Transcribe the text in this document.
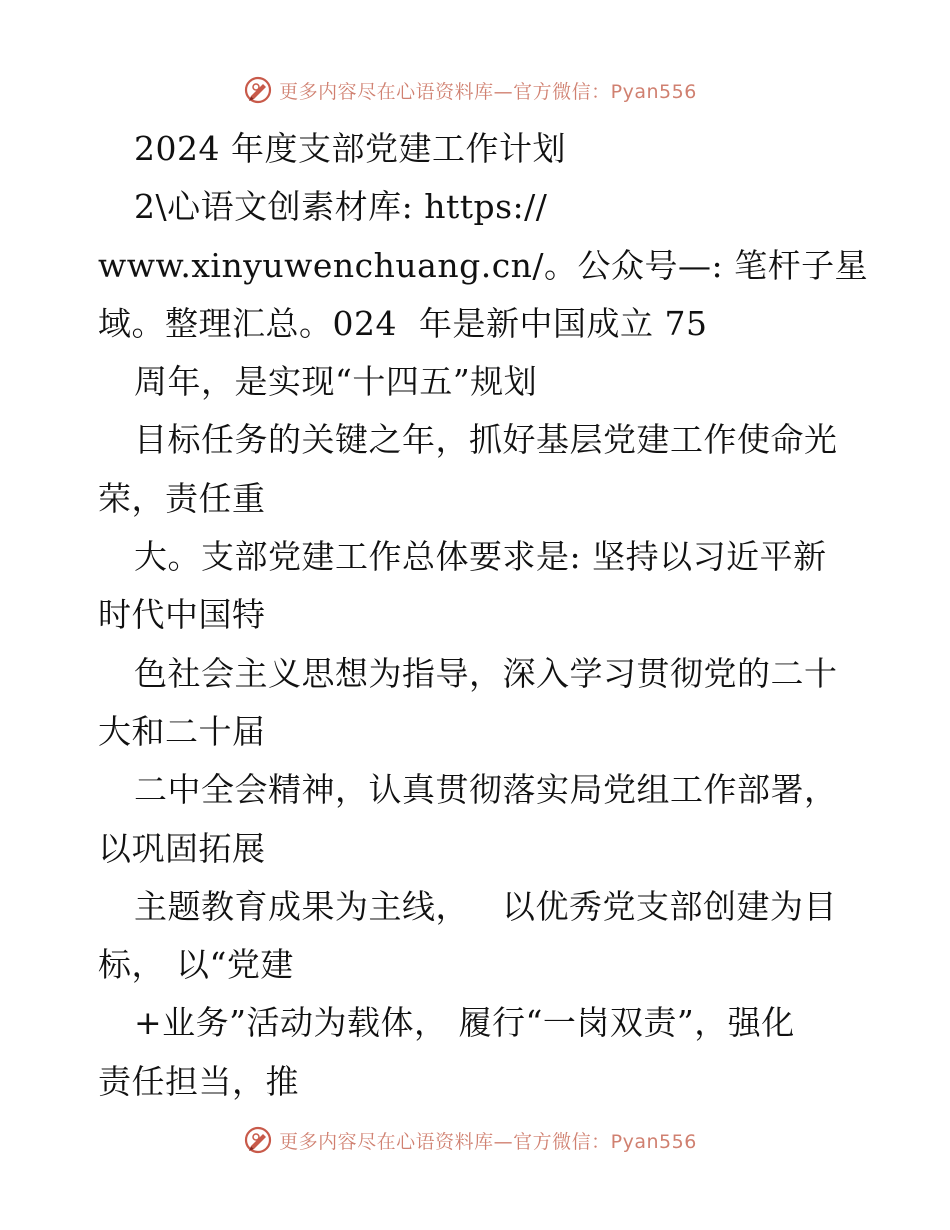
更多内容尽在心语资料库—官方微信：Pyan556
2024 年度支部党建工作计划
2\心语文创素材库: https://
www.xinyuwenchuang.cn/。公众号—: 笔杆子星
域。整理汇总。024  年是新中国成立 75
周年，是实现“十四五”规划
目标任务的关键之年，抓好基层党建工作使命光
荣，责任重
大。支部党建工作总体要求是: 坚持以习近平新
时代中国特
色社会主义思想为指导，深入学习贯彻党的二十
大和二十届
二中全会精神，认真贯彻落实局党组工作部署，
以巩固拓展
主题教育成果为主线，   以优秀党支部创建为目
标， 以“党建
+业务”活动为载体， 履行“一岗双责”，强化
责任担当，推
更多内容尽在心语资料库—官方微信：Pyan556
